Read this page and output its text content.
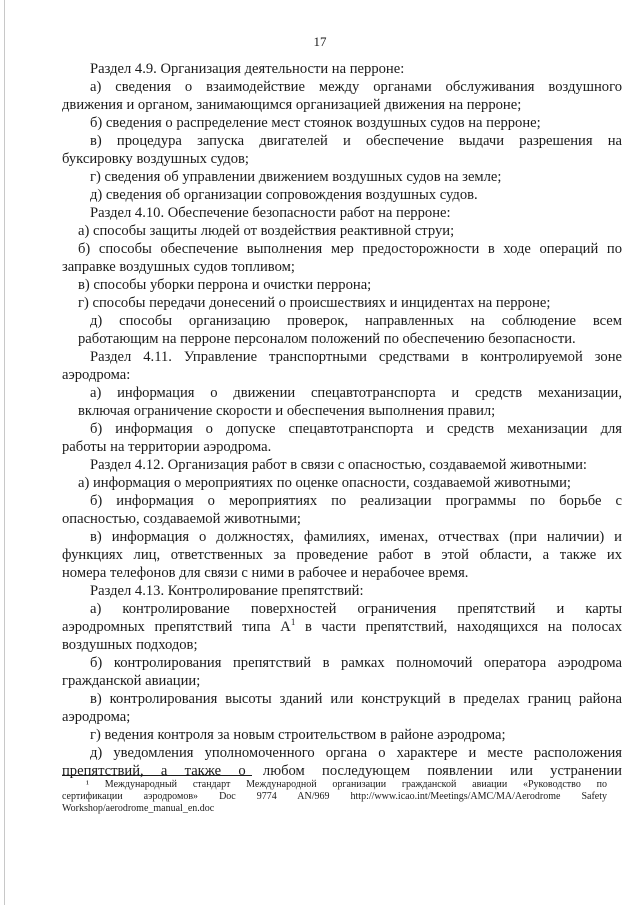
17
Раздел 4.9. Организация деятельности на перроне:
а) сведения о взаимодействие между органами обслуживания воздушного
движения и органом, занимающимся организацией движения на перроне;
б) сведения о распределение мест стоянок воздушных судов на перроне;
в) процедура запуска двигателей и обеспечение выдачи разрешения на
буксировку воздушных судов;
г) сведения об управлении движением воздушных судов на земле;
д) сведения об организации сопровождения воздушных судов.
Раздел 4.10. Обеспечение безопасности работ на перроне:
а) способы защиты людей от воздействия реактивной струи;
б) способы обеспечение выполнения мер предосторожности в ходе операций по
заправке воздушных судов топливом;
в) способы уборки перрона и очистки перрона;
г) способы передачи донесений о происшествиях и инцидентах на перроне;
д) способы организацию проверок, направленных на соблюдение всем
работающим на перроне персоналом положений по обеспечению безопасности.
Раздел 4.11. Управление транспортными средствами в контролируемой зоне
аэродрома:
а) информация о движении спецавтотранспорта и средств механизации,
включая ограничение скорости и обеспечения выполнения правил;
б) информация о допуске спецавтотранспорта и средств механизации для
работы на территории аэродрома.
Раздел 4.12. Организация работ в связи с опасностью, создаваемой животными:
а) информация о мероприятиях по оценке опасности, создаваемой животными;
б) информация о мероприятиях по реализации программы по борьбе с
опасностью, создаваемой животными;
в) информация о должностях, фамилиях, именах, отчествах (при наличии) и
функциях лиц, ответственных за проведение работ в этой области, а также их
номера телефонов для связи с ними в рабочее и нерабочее время.
Раздел 4.13. Контролирование препятствий:
а) контролирование поверхностей ограничения препятствий и карты
аэродромных препятствий типа $А^1$ в части препятствий, находящихся на полосах
воздушных подходов;
б) контролирования препятствий в рамках полномочий оператора аэродрома
гражданской авиации;
в) контролирования высоты зданий или конструкций в пределах границ района
аэродрома;
г) ведения контроля за новым строительством в районе аэродрома;
д) уведомления уполномоченного органа о характере и месте расположения
препятствий, а также о любом последующем появлении или устранении
¹ Международный стандарт Международной организации гражданской авиации «Руководство по
сертификации аэродромов» Doc 9774 AN/969 http://www.icao.int/Meetings/AMC/MA/Aerodrome Safety
Workshop/aerodrome_manual_en.doc
